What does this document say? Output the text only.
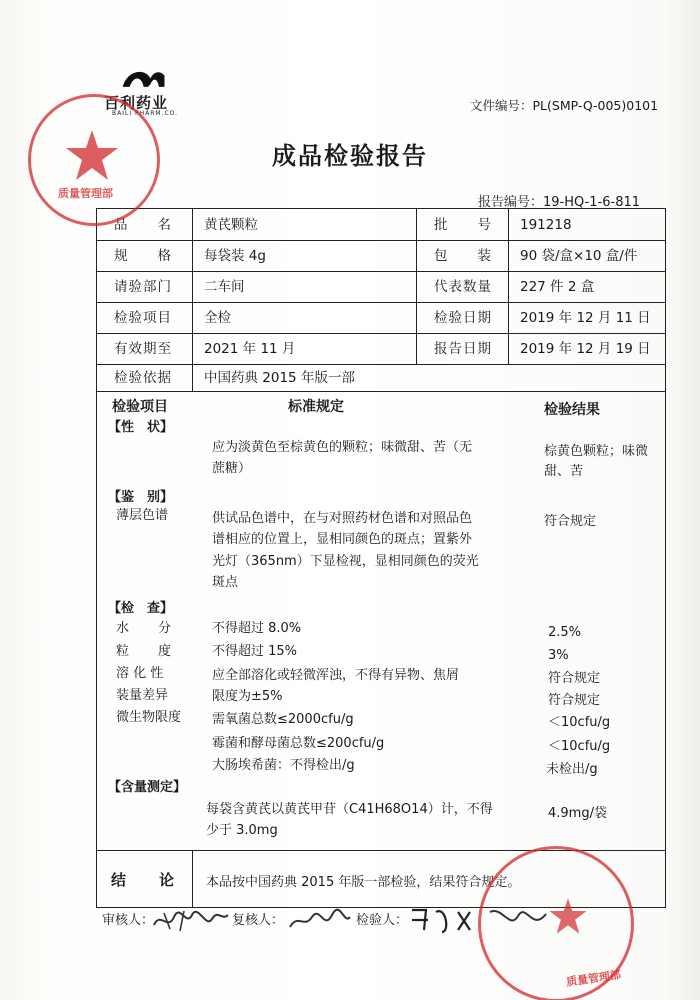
百利药业
BAILI PHARM.CO.
文件编号：PL(SMP-Q-005)0101
成品检验报告
报告编号：19-HQ-1-6-811
品　　名	黄芪颗粒	批　　号	191218
规　　格	每袋装 4g	包　　装	90 袋/盒×10 盒/件
请验部门	二车间	代表数量	227 件 2 盒
检验项目	全检	检验日期	2019 年 12 月 11 日
有效期至	2021 年 11 月	报告日期	2019 年 12 月 19 日
检验依据	中国药典 2015 年版一部
检验项目	标准规定	检验结果
【性　状】
应为淡黄色至棕黄色的颗粒；味微甜、苦（无
蔗糖）
棕黄色颗粒；味微
甜、苦
【鉴　别】
薄层色谱	供试品色谱中，在与对照药材色谱和对照品色
谱相应的位置上，显相同颜色的斑点；置紫外
光灯（365nm）下显检视，显相同颜色的荧光
斑点
符合规定
【检　查】
水　　分	不得超过 8.0%	2.5%
粒　　度	不得超过 15%	3%
溶 化 性	应全部溶化或轻微浑浊，不得有异物、焦屑	符合规定
装量差异	限度为±5%	符合规定
微生物限度 需氧菌总数≤2000cfu/g	＜10cfu/g
霉菌和酵母菌总数≤200cfu/g	＜10cfu/g
大肠埃希菌：不得检出/g	未检出/g
【含量测定】
每袋含黄芪以黄芪甲苷（C41H68O14）计，不得
少于 3.0mg
4.9mg/袋
结　　论	本品按中国药典 2015 年版一部检验，结果符合规定。
审核人：	复核人：	检验人：
质量管理部
质量管理部
